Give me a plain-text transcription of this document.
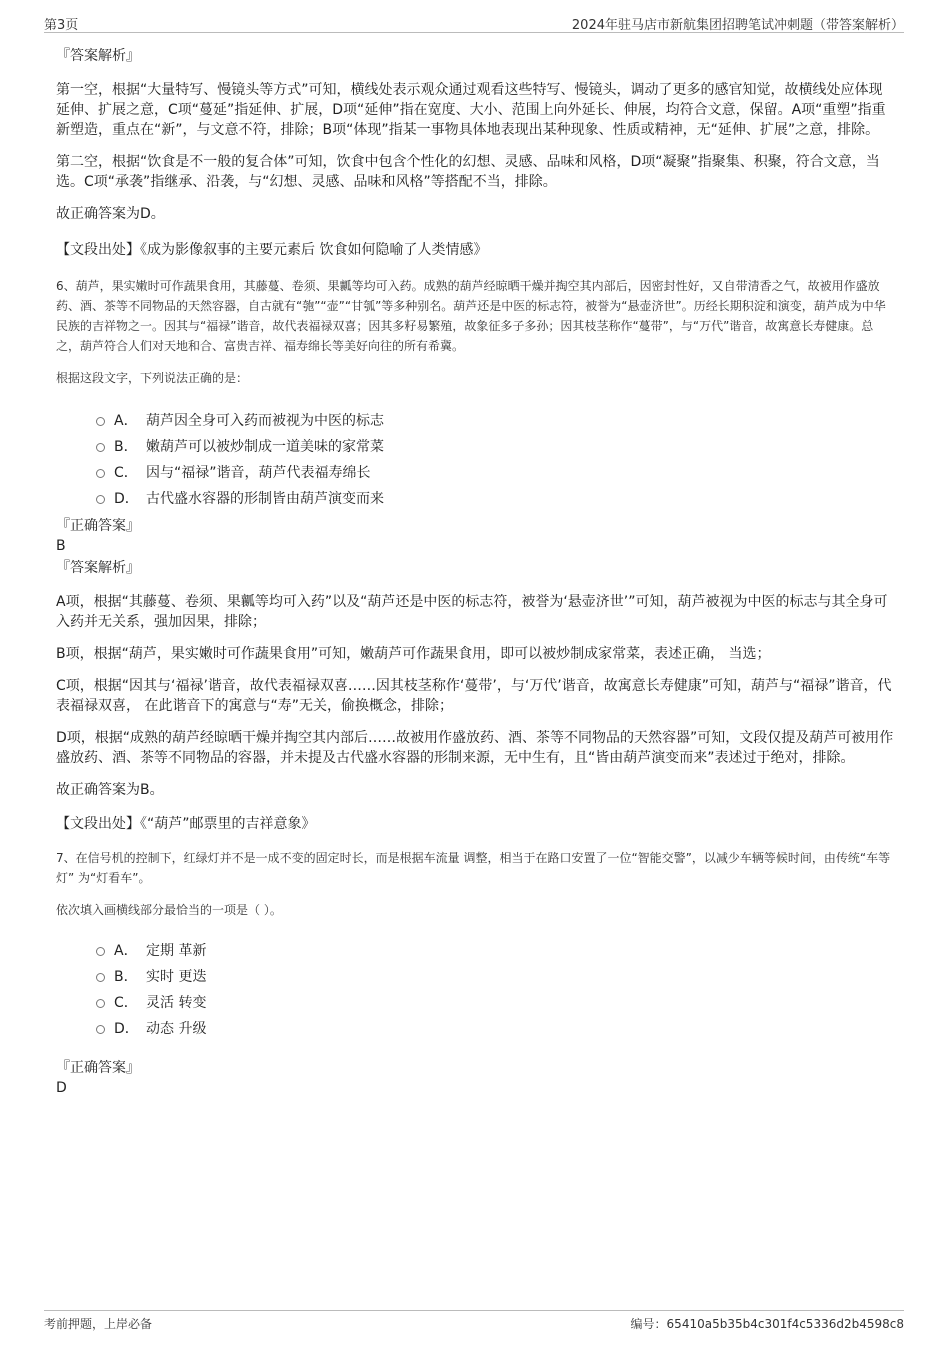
第3页	2024年驻马店市新航集团招聘笔试冲刺题（带答案解析）

『答案解析』

第一空，根据“大量特写、慢镜头等方式”可知，横线处表示观众通过观看这些特写、慢镜头，调动了更多的感官知觉，故横线处应体现延伸、扩展之意，C项“蔓延”指延伸、扩展，D项“延伸”指在宽度、大小、范围上向外延长、伸展，均符合文意，保留。A项“重塑”指重新塑造，重点在“新”，与文意不符，排除；B项“体现”指某一事物具体地表现出某种现象、性质或精神，无“延伸、扩展”之意，排除。

第二空，根据“饮食是不一般的复合体”可知，饮食中包含个性化的幻想、灵感、品味和风格，D项“凝聚”指聚集、积聚，符合文意，当选。C项“承袭”指继承、沿袭，与“幻想、灵感、品味和风格”等搭配不当，排除。

故正确答案为D。

【文段出处】《成为影像叙事的主要元素后 饮食如何隐喻了人类情感》

6、葫芦，果实嫩时可作蔬果食用，其藤蔓、卷须、果瓤等均可入药。成熟的葫芦经晾晒干燥并掏空其内部后，因密封性好，又自带清香之气，故被用作盛放药、酒、茶等不同物品的天然容器，自古就有“匏”“壶”“甘瓠”等多种别名。葫芦还是中医的标志符，被誉为“悬壶济世”。历经长期积淀和演变，葫芦成为中华民族的吉祥物之一。因其与“福禄”谐音，故代表福禄双喜；因其多籽易繁殖，故象征多子多孙；因其枝茎称作“蔓带”，与“万代”谐音，故寓意长寿健康。总之，葫芦符合人们对天地和合、富贵吉祥、福寿绵长等美好向往的所有希冀。

根据这段文字，下列说法正确的是：

A． 葫芦因全身可入药而被视为中医的标志
B． 嫩葫芦可以被炒制成一道美味的家常菜
C． 因与“福禄”谐音，葫芦代表福寿绵长
D． 古代盛水容器的形制皆由葫芦演变而来

『正确答案』

B

『答案解析』

A项，根据“其藤蔓、卷须、果瓤等均可入药”以及“葫芦还是中医的标志符，被誉为‘悬壶济世’”可知，葫芦被视为中医的标志与其全身可入药并无关系，强加因果，排除；

B项，根据“葫芦，果实嫩时可作蔬果食用”可知，嫩葫芦可作蔬果食用，即可以被炒制成家常菜，表述正确， 当选；

C项，根据“因其与‘福禄’谐音，故代表福禄双喜……因其枝茎称作‘蔓带’，与‘万代’谐音，故寓意长寿健康”可知，葫芦与“福禄”谐音，代表福禄双喜， 在此谐音下的寓意与“寿”无关，偷换概念，排除；

D项，根据“成熟的葫芦经晾晒干燥并掏空其内部后……故被用作盛放药、酒、茶等不同物品的天然容器”可知，文段仅提及葫芦可被用作盛放药、酒、茶等不同物品的容器，并未提及古代盛水容器的形制来源，无中生有，且“皆由葫芦演变而来”表述过于绝对，排除。

故正确答案为B。

【文段出处】《“葫芦”邮票里的吉祥意象》

7、在信号机的控制下，红绿灯并不是一成不变的固定时长，而是根据车流量 调整，相当于在路口安置了一位“智能交警”，以减少车辆等候时间，由传统“车等灯” 为“灯看车”。

依次填入画横线部分最恰当的一项是（ ）。

A． 定期 革新
B． 实时 更迭
C． 灵活 转变
D． 动态 升级

『正确答案』

D

考前押题，上岸必备	编号：65410a5b35b4c301f4c5336d2b4598c8
